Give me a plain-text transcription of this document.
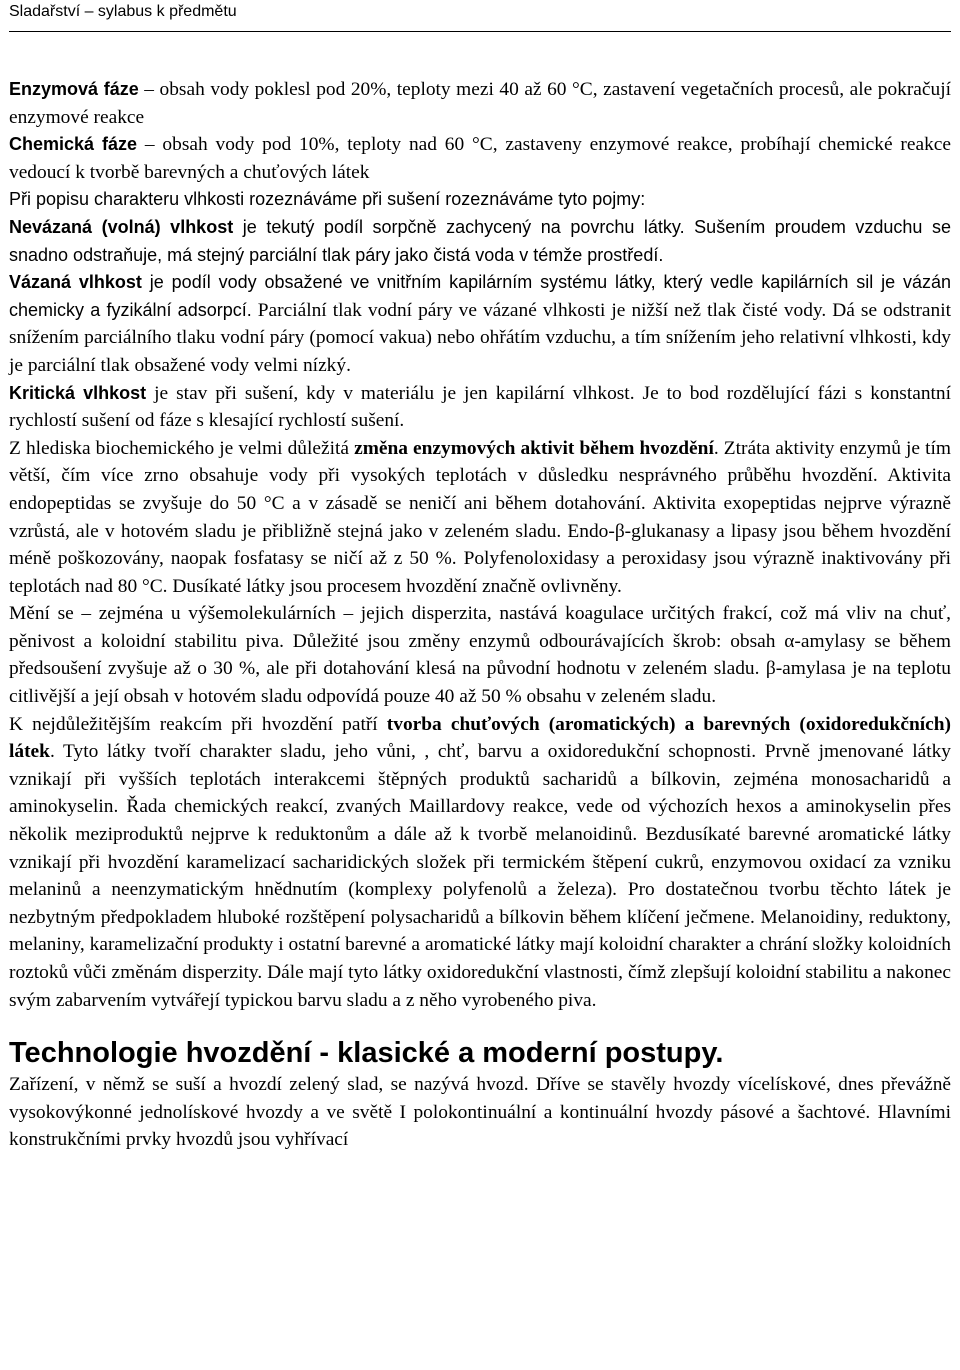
Sladařství – sylabus k předmětu

Enzymová fáze – obsah vody poklesl pod 20%, teploty mezi 40 až 60 °C, zastavení vegetačních procesů, ale pokračují enzymové reakce

Chemická fáze – obsah vody pod 10%, teploty nad 60 °C, zastaveny enzymové reakce, probíhají chemické reakce vedoucí k tvorbě barevných a chuťových látek

Při popisu charakteru vlhkosti rozeznáváme při sušení rozeznáváme tyto pojmy:

Nevázaná (volná) vlhkost je tekutý podíl sorpčně zachycený na povrchu látky. Sušením proudem vzduchu se snadno odstraňuje, má stejný parciální tlak páry jako čistá voda v témže prostředí.

Vázaná vlhkost je podíl vody obsažené ve vnitřním kapilárním systému látky, který vedle kapilárních sil je vázán chemicky a fyzikální adsorpcí. Parciální tlak vodní páry ve vázané vlhkosti je nižší než tlak čisté vody. Dá se odstranit snížením parciálního tlaku vodní páry (pomocí vakua) nebo ohřátím vzduchu, a tím snížením jeho relativní vlhkosti, kdy je parciální tlak obsažené vody velmi nízký.

Kritická vlhkost je stav při sušení, kdy v materiálu je jen kapilární vlhkost. Je to bod rozdělující fázi s konstantní rychlostí sušení od fáze s klesající rychlostí sušení.

Z hlediska biochemického je velmi důležitá změna enzymových aktivit během hvozdění. Ztráta aktivity enzymů je tím větší, čím více zrno obsahuje vody při vysokých teplotách v důsledku nesprávného průběhu hvozdění. Aktivita endopeptidas se zvyšuje do 50 °C a v zásadě se neničí ani během dotahování. Aktivita exopeptidas nejprve výrazně vzrůstá, ale v hotovém sladu je přibližně stejná jako v zeleném sladu. Endo-β-glukanasy a lipasy jsou během hvozdění méně poškozovány, naopak fosfatasy se ničí až z 50 %. Polyfenoloxidasy a peroxidasy jsou výrazně inaktivovány při teplotách nad 80 °C. Dusíkaté látky jsou procesem hvozdění značně ovlivněny.

Mění se – zejména u výšemolekulárních – jejich disperzita, nastává koagulace určitých frakcí, což má vliv na chuť, pěnivost a koloidní stabilitu piva. Důležité jsou změny enzymů odbourávajících škrob: obsah α-amylasy se během předsoušení zvyšuje až o 30 %, ale při dotahování klesá na původní hodnotu v zeleném sladu. β-amylasa je na teplotu citlivější a její obsah v hotovém sladu odpovídá pouze 40 až 50 % obsahu v zeleném sladu.

K nejdůležitějším reakcím při hvozdění patří tvorba chuťových (aromatických) a barevných (oxidoredukčních) látek. Tyto látky tvoří charakter sladu, jeho vůni, , chť, barvu a oxidoredukční schopnosti. Prvně jmenované látky vznikají při vyšších teplotách interakcemi štěpných produktů sacharidů a bílkovin, zejména monosacharidů a aminokyselin. Řada chemických reakcí, zvaných Maillardovy reakce, vede od výchozích hexos a aminokyselin přes několik meziproduktů nejprve k reduktonům a dále až k tvorbě melanoidinů. Bezdusíkaté barevné aromatické látky vznikají při hvozdění karamelizací sacharidických složek při termickém štěpení cukrů, enzymovou oxidací za vzniku melaninů a neenzymatickým hnědnutím (komplexy polyfenolů a železa). Pro dostatečnou tvorbu těchto látek je nezbytným předpokladem hluboké rozštěpení polysacharidů a bílkovin během klíčení ječmene. Melanoidiny, reduktony, melaniny, karamelizační produkty i ostatní barevné a aromatické látky mají koloidní charakter a chrání složky koloidních roztoků vůči změnám disperzity. Dále mají tyto látky oxidoredukční vlastnosti, čímž zlepšují koloidní stabilitu a nakonec svým zabarvením vytvářejí typickou barvu sladu a z něho vyrobeného piva.

Technologie hvozdění - klasické a moderní postupy.

Zařízení, v němž se suší a hvozdí zelený slad, se nazývá hvozd. Dříve se stavěly hvozdy vícelískové, dnes převážně vysokovýkonné jednolískové hvozdy a ve světě I polokontinuální a kontinuální hvozdy pásové a šachtové. Hlavními konstrukčními prvky hvozdů jsou vyhřívací
